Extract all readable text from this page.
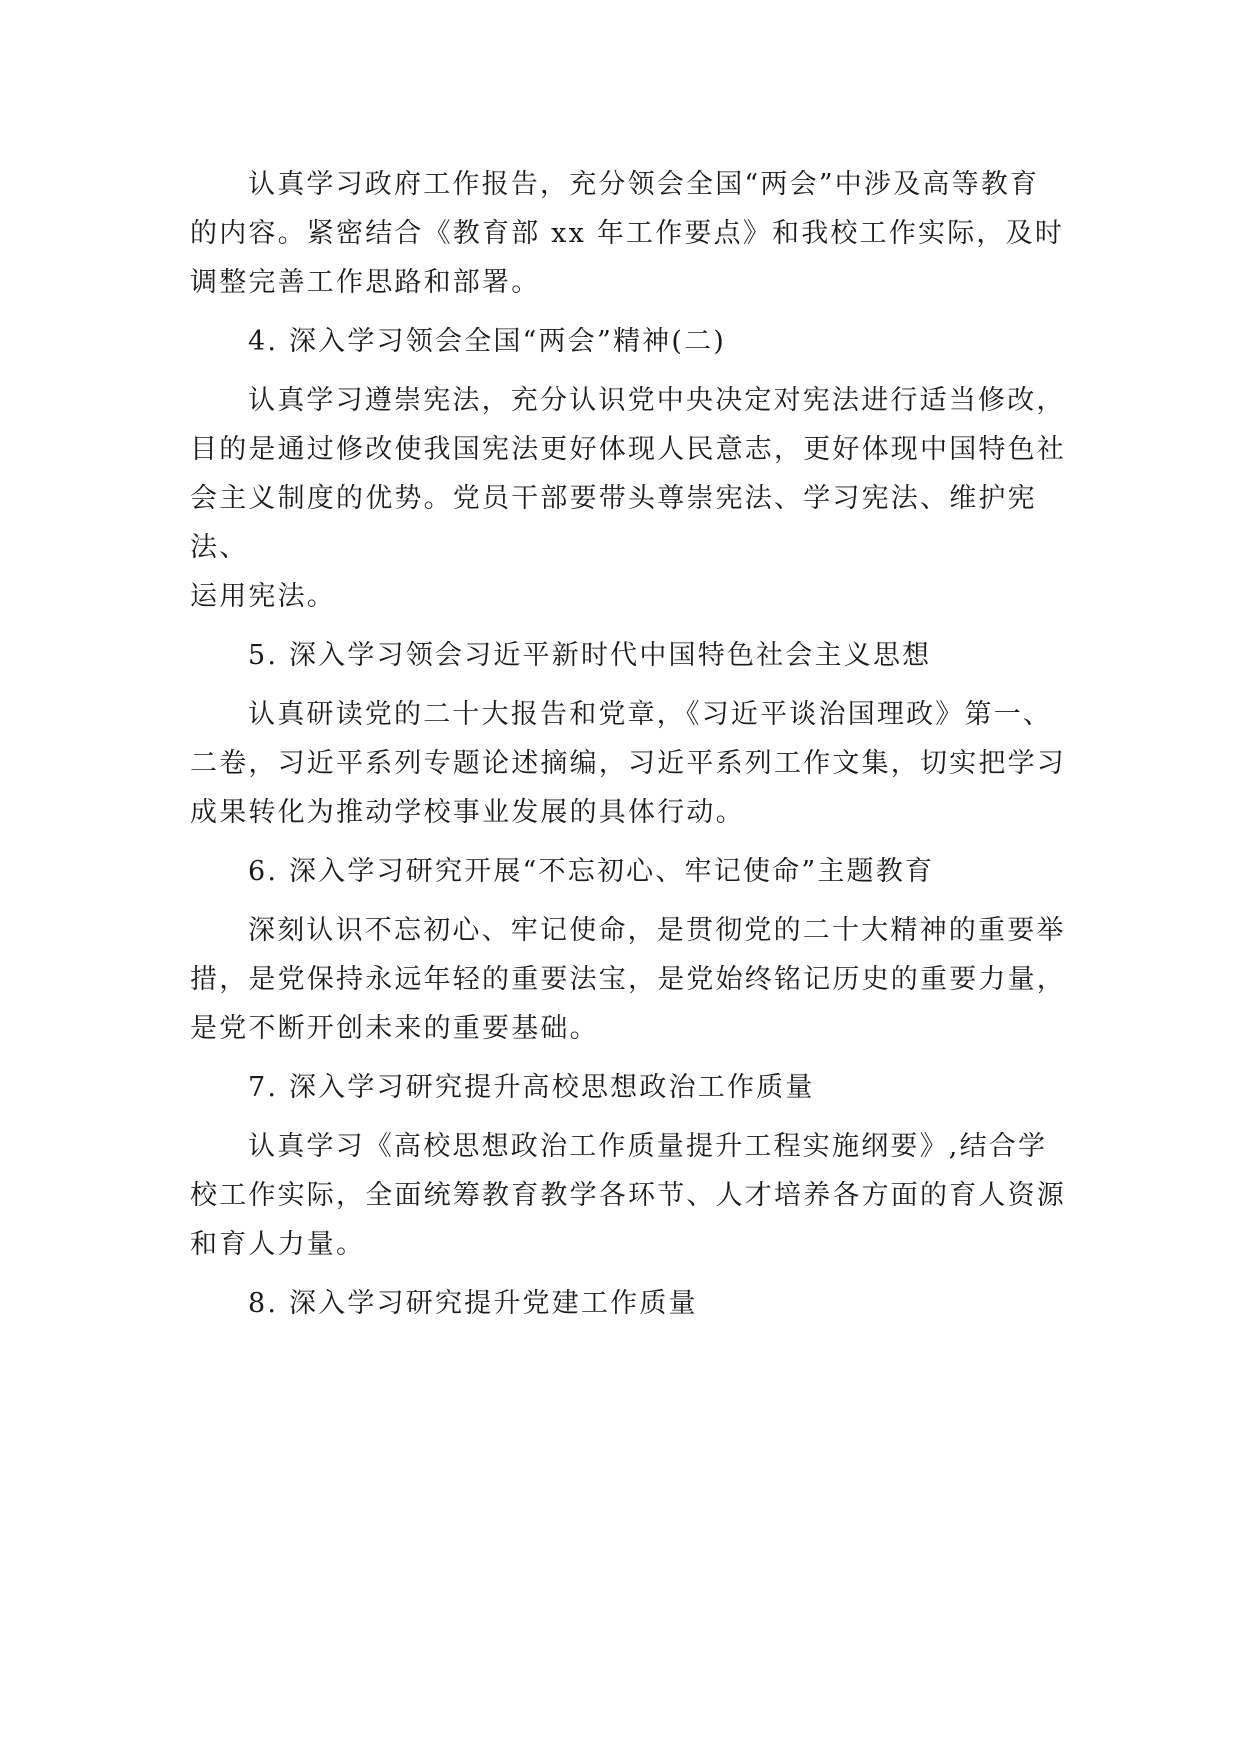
认真学习政府工作报告，充分领会全国“两会”中涉及高等教育
的内容。紧密结合《教育部 xx 年工作要点》和我校工作实际，及时
调整完善工作思路和部署。
4. 深入学习领会全国“两会”精神(二)
认真学习遵崇宪法，充分认识党中央决定对宪法进行适当修改，
目的是通过修改使我国宪法更好体现人民意志，更好体现中国特色社
会主义制度的优势。党员干部要带头尊崇宪法、学习宪法、维护宪
法、
运用宪法。
5. 深入学习领会习近平新时代中国特色社会主义思想
认真研读党的二十大报告和党章，《习近平谈治国理政》第一、
二卷，习近平系列专题论述摘编，习近平系列工作文集，切实把学习
成果转化为推动学校事业发展的具体行动。
6. 深入学习研究开展“不忘初心、牢记使命”主题教育
深刻认识不忘初心、牢记使命，是贯彻党的二十大精神的重要举
措，是党保持永远年轻的重要法宝，是党始终铭记历史的重要力量，
是党不断开创未来的重要基础。
7. 深入学习研究提升高校思想政治工作质量
认真学习《高校思想政治工作质量提升工程实施纲要》,结合学
校工作实际，全面统筹教育教学各环节、人才培养各方面的育人资源
和育人力量。
8. 深入学习研究提升党建工作质量
